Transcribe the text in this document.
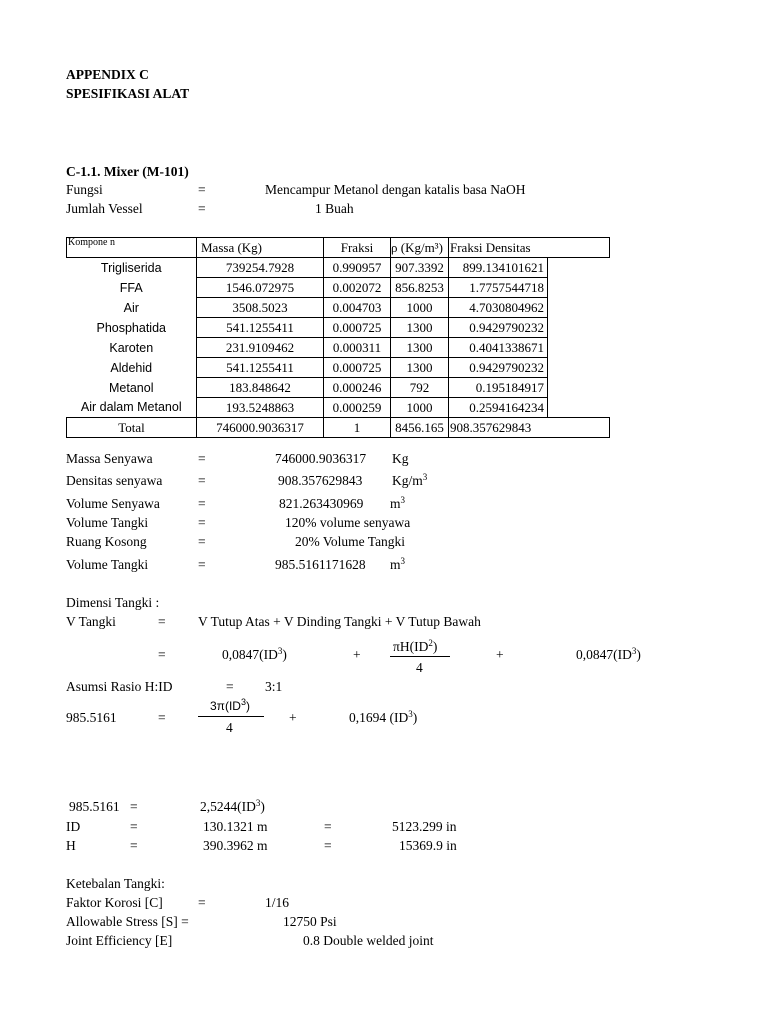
APPENDIX C
SPESIFIKASI ALAT
C-1.1. Mixer (M-101)
Fungsi	=	Mencampur Metanol dengan katalis basa NaOH
Jumlah Vessel	=	1 Buah
Kompone n	Massa (Kg)	Fraksi	ρ (Kg/m³)	Fraksi Densitas	
Trigliserida	739254.7928	0.990957	907.3392	899.134101621	
FFA	1546.072975	0.002072	856.8253	1.7757544718	
Air	3508.5023	0.004703	1000	4.7030804962	
Phosphatida	541.1255411	0.000725	1300	0.9429790232	
Karoten	231.9109462	0.000311	1300	0.4041338671	
Aldehid	541.1255411	0.000725	1300	0.9429790232	
Metanol	183.848642	0.000246	792	0.195184917	
Air dalam Metanol	193.5248863	0.000259	1000	0.2594164234	
Total	746000.9036317	1	8456.165	908.357629843	
Massa Senyawa	=	746000.9036317 Kg
Densitas senyawa	=	908.357629843 $Kg/m^3$
Volume Senyawa	=	821.263430969 $m^3$
Volume Tangki	=	120% volume senyawa
Ruang Kosong	=	20% Volume Tangki
Volume Tangki	=	985.5161171628 $m^3$
Dimensi Tangki :
V Tangki	= V Tutup Atas + V Dinding Tangki + V Tutup Bawah
=	$0,0847(ID^3)$	+
$\pi H(ID^2)$
4
+	$0,0847(ID^3)$
Asumsi Rasio H:ID	= 3:1
985.5161	=
$3\pi(ID^3)$
4
+	0,1694 $(ID^3)$
985.5161 =	$2,5244(ID^3)$
ID	=	130.1321 m	=	5123.299 in
H	=	390.3962 m	=	15369.9 in
Ketebalan Tangki:
Faktor Korosi [C]	=	1/16
Allowable Stress [S] =	12750 Psi
Joint Efficiency [E]	0.8 Double welded joint
